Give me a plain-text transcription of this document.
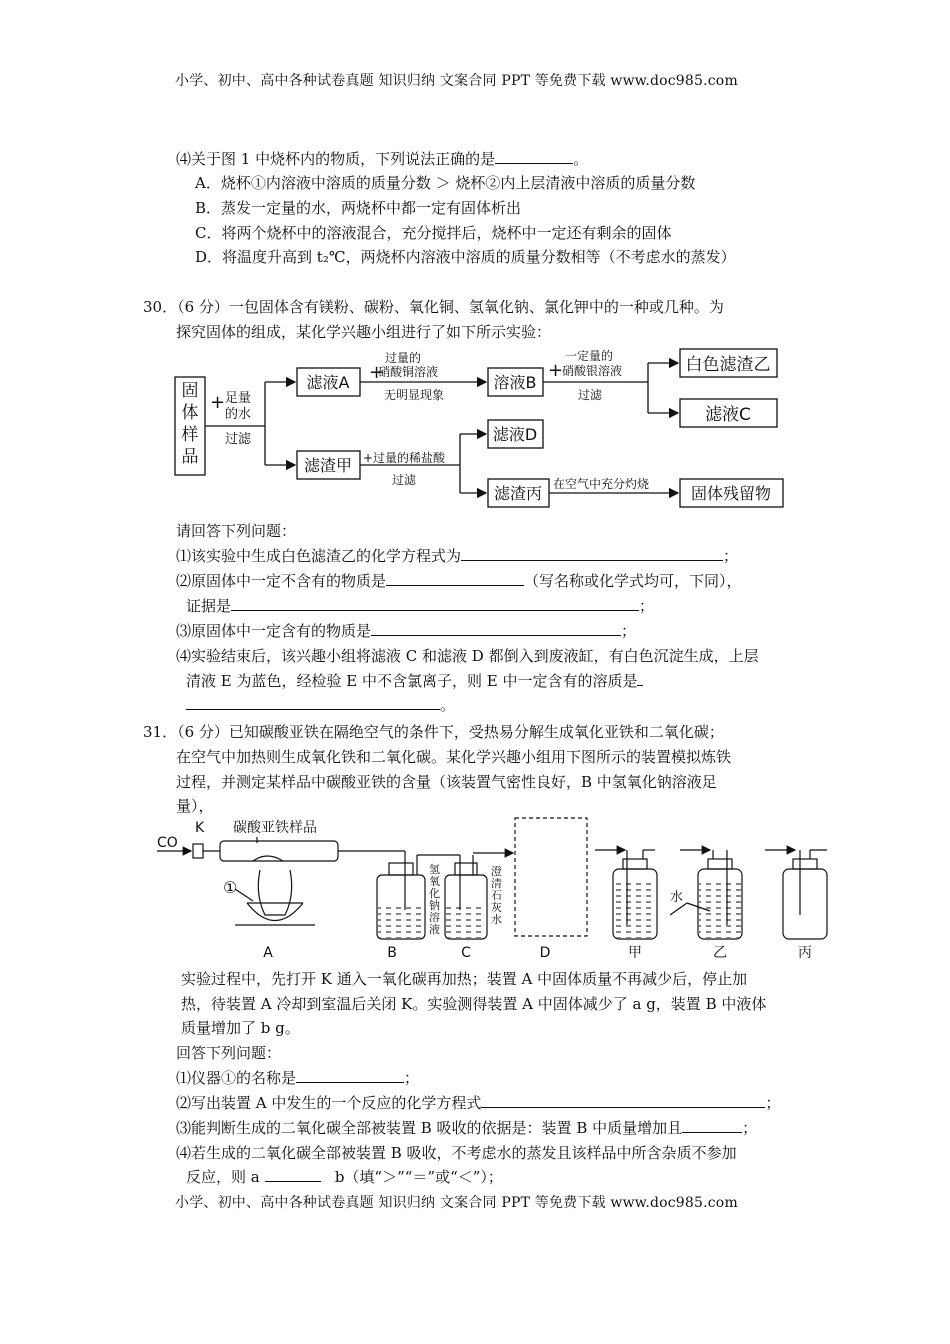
小学、初中、高中各种试卷真题 知识归纳 文案合同 PPT 等免费下载 www.doc985.com
⑷关于图 1 中烧杯内的物质，下列说法正确的是	。
A．烧杯①内溶液中溶质的质量分数 ＞ 烧杯②内上层清液中溶质的质量分数
B．蒸发一定量的水，两烧杯中都一定有固体析出
C．将两个烧杯中的溶液混合，充分搅拌后，烧杯中一定还有剩余的固体
D．将温度升高到 t₂℃，两烧杯内溶液中溶质的质量分数相等（不考虑水的蒸发）
30．（6 分）一包固体含有镁粉、碳粉、氧化铜、氢氧化钠、氯化钾中的一种或几种。为
探究固体的组成，某化学兴趣小组进行了如下所示实验：
固
体
样
品
+ 足量
的水
过滤
滤液A +
过量的
硝酸铜溶液
无明显现象
溶液B
+
一定量的
硝酸银溶液
过滤
白色滤渣乙
滤液C
滤渣甲 +过量的稀盐酸
过滤
滤液D
滤渣丙 在空气中充分灼烧	固体残留物
请回答下列问题：
⑴该实验中生成白色滤渣乙的化学方程式为	；
⑵原固体中一定不含有的物质是	（写名称或化学式均可，下同），
证据是	；
⑶原固体中一定含有的物质是	；
⑷实验结束后，该兴趣小组将滤液 C 和滤液 D 都倒入到废液缸，有白色沉淀生成，上层
清液 E 为蓝色，经检验 E 中不含氯离子，则 E 中一定含有的溶质是
。
31．（6 分）已知碳酸亚铁在隔绝空气的条件下，受热易分解生成氧化亚铁和二氧化碳；
在空气中加热则生成氧化铁和二氧化碳。某化学兴趣小组用下图所示的装置模拟炼铁
过程，并测定某样品中碳酸亚铁的含量（该装置气密性良好，B 中氢氧化钠溶液足
量），
CO
K 碳酸亚铁样品
①
氢氧化钠溶液
澄清石灰水
水
A	B	C	D	甲	乙	丙
实验过程中，先打开 K 通入一氧化碳再加热；装置 A 中固体质量不再减少后，停止加
热，待装置 A 冷却到室温后关闭 K。实验测得装置 A 中固体减少了 a g，装置 B 中液体
质量增加了 b g。
回答下列问题：
⑴仪器①的名称是	；
⑵写出装置 A 中发生的一个反应的化学方程式	；
⑶能判断生成的二氧化碳全部被装置 B 吸收的依据是：装置 B 中质量增加且	；
⑷若生成的二氧化碳全部被装置 B 吸收，不考虑水的蒸发且该样品中所含杂质不参加
反应，则 a	b（填“＞”“＝”或“＜”）；
小学、初中、高中各种试卷真题 知识归纳 文案合同 PPT 等免费下载 www.doc985.com
